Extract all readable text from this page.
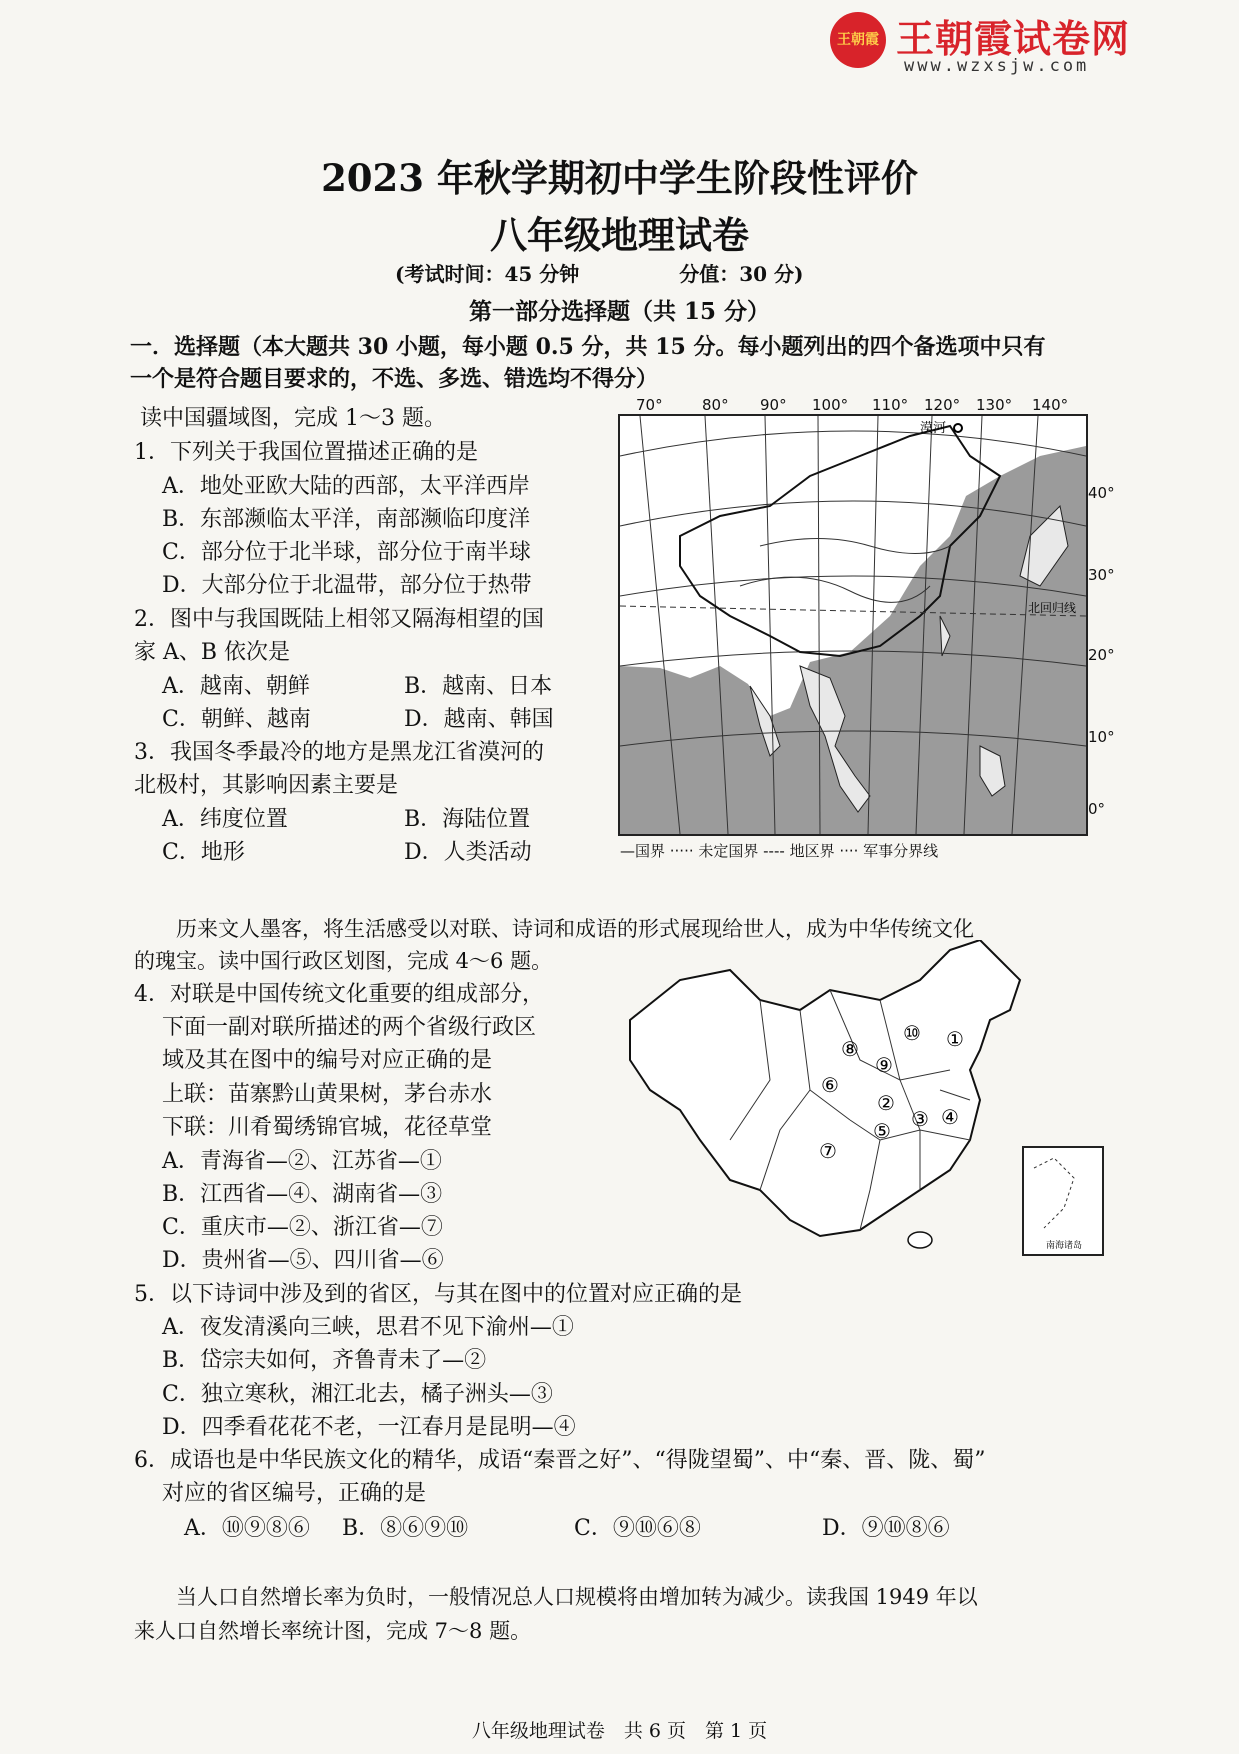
王朝霞 王朝霞试卷网
www.wzxsjw.com
2023 年秋学期初中学生阶段性评价
八年级地理试卷
(考试时间：45 分钟	分值：30 分)
第一部分选择题（共 15 分）
一．选择题（本大题共 30 小题，每小题 0.5 分，共 15 分。每小题列出的四个备选项中只有
一个是符合题目要求的，不选、多选、错选均不得分）
读中国疆域图，完成 1～3 题。
1．下列关于我国位置描述正确的是
A．地处亚欧大陆的西部，太平洋西岸
B．东部濒临太平洋，南部濒临印度洋
C．部分位于北半球，部分位于南半球
D．大部分位于北温带，部分位于热带
2．图中与我国既陆上相邻又隔海相望的国
家 A、B 依次是
A．越南、朝鲜	B．越南、日本
C．朝鲜、越南	D．越南、韩国
3．我国冬季最冷的地方是黑龙江省漠河的
北极村，其影响因素主要是
A．纬度位置	B．海陆位置
C．地形	D．人类活动
70°	80° 90° 100° 110° 120° 130° 140°
漠河
北回归线
40°
30°
20°
10°
0°
—国界 ····· 未定国界 ---- 地区界 ···· 军事分界线
历来文人墨客，将生活感受以对联、诗词和成语的形式展现给世人，成为中华传统文化
的瑰宝。读中国行政区划图，完成 4～6 题。
4．对联是中国传统文化重要的组成部分，
下面一副对联所描述的两个省级行政区
域及其在图中的编号对应正确的是
上联：苗寨黔山黄果树，茅台赤水
下联：川肴蜀绣锦官城，花径草堂
A．青海省—②、江苏省—①
B．江西省—④、湖南省—③
C．重庆市—②、浙江省—⑦
D．贵州省—⑤、四川省—⑥
①
②
③ ④
⑤
⑥
⑦
⑧
⑨
⑩
南海诸岛
5．以下诗词中涉及到的省区，与其在图中的位置对应正确的是
A．夜发清溪向三峡，思君不见下渝州—①
B．岱宗夫如何，齐鲁青未了—②
C．独立寒秋，湘江北去，橘子洲头—③
D．四季看花花不老，一江春月是昆明—④
6．成语也是中华民族文化的精华，成语“秦晋之好”、“得陇望蜀”、中“秦、晋、陇、蜀”
对应的省区编号，正确的是
A．⑩⑨⑧⑥ B．⑧⑥⑨⑩	C．⑨⑩⑥⑧	D．⑨⑩⑧⑥
当人口自然增长率为负时，一般情况总人口规模将由增加转为减少。读我国 1949 年以
来人口自然增长率统计图，完成 7～8 题。
八年级地理试卷　共 6 页　第 1 页
